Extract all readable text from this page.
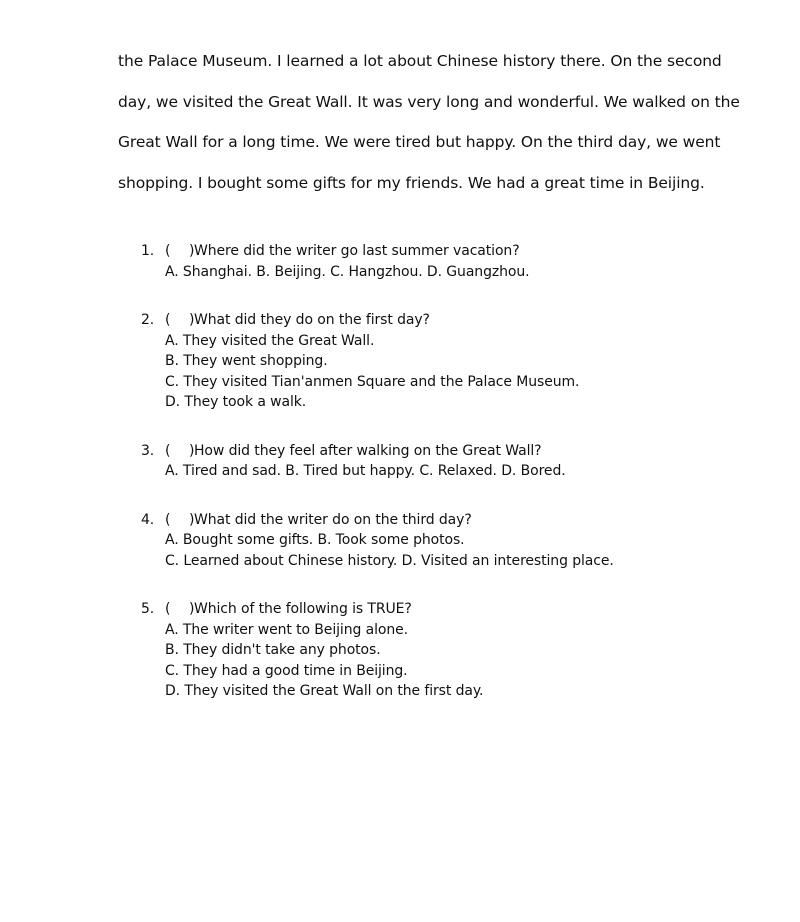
the Palace Museum. I learned a lot about Chinese history there. On the second
day, we visited the Great Wall. It was very long and wonderful. We walked on the
Great Wall for a long time. We were tired but happy. On the third day, we went
shopping. I bought some gifts for my friends. We had a great time in Beijing.
1. ( ) Where did the writer go last summer vacation?
A. Shanghai. B. Beijing. C. Hangzhou. D. Guangzhou.
2. ( ) What did they do on the first day?
A. They visited the Great Wall.
B. They went shopping.
C. They visited Tian'anmen Square and the Palace Museum.
D. They took a walk.
3. ( ) How did they feel after walking on the Great Wall?
A. Tired and sad. B. Tired but happy. C. Relaxed. D. Bored.
4. ( ) What did the writer do on the third day?
A. Bought some gifts. B. Took some photos.
C. Learned about Chinese history. D. Visited an interesting place.
5. ( ) Which of the following is TRUE?
A. The writer went to Beijing alone.
B. They didn't take any photos.
C. They had a good time in Beijing.
D. They visited the Great Wall on the first day.
